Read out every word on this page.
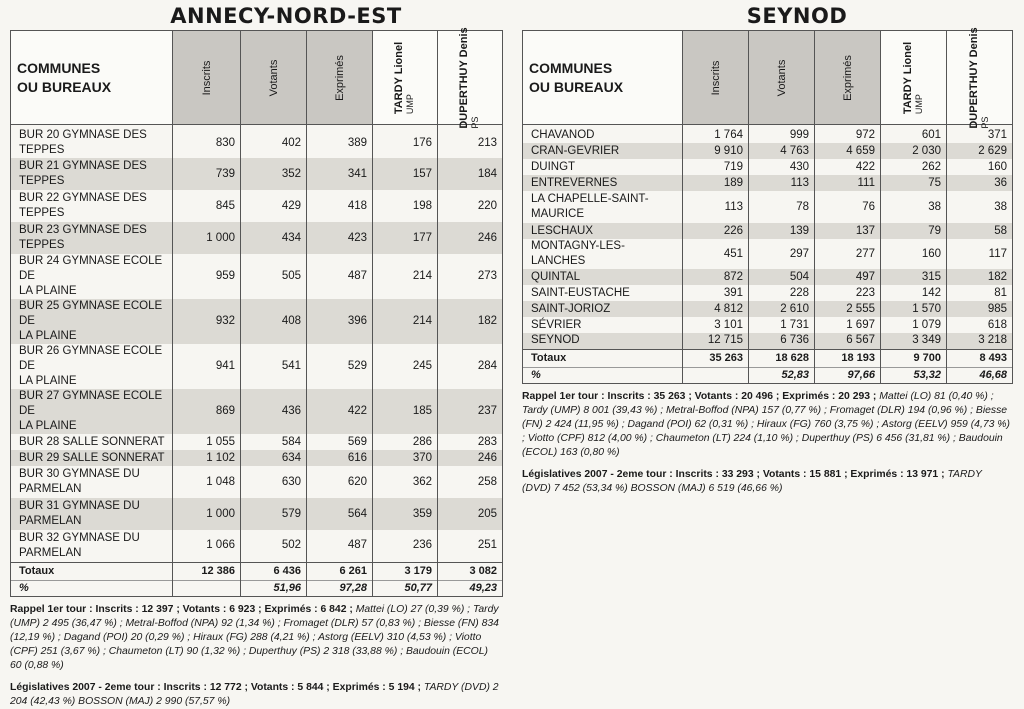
ANNECY-NORD-EST
COMMUNES
OU BUREAUX	Inscrits	Votants	Exprimés	TARDY Lionel UMP	DUPERTHUY Denis PS

BUR 20 GYMNASE DES
TEPPES	830	402	389	176	213
BUR 21 GYMNASE DES
TEPPES	739	352	341	157	184
BUR 22 GYMNASE DES
TEPPES	845	429	418	198	220
BUR 23 GYMNASE DES
TEPPES	1 000	434	423	177	246
BUR 24 GYMNASE ECOLE DE
LA PLAINE	959	505	487	214	273
BUR 25 GYMNASE ECOLE DE
LA PLAINE	932	408	396	214	182
BUR 26 GYMNASE ECOLE DE
LA PLAINE	941	541	529	245	284
BUR 27 GYMNASE ECOLE DE
LA PLAINE	869	436	422	185	237
BUR 28 SALLE SONNERAT	1 055	584	569	286	283
BUR 29 SALLE SONNERAT	1 102	634	616	370	246
BUR 30 GYMNASE DU
PARMELAN	1 048	630	620	362	258
BUR 31 GYMNASE DU
PARMELAN	1 000	579	564	359	205
BUR 32 GYMNASE DU
PARMELAN	1 066	502	487	236	251
Totaux	12 386	6 436	6 261	3 179	3 082
%		51,96	97,28	50,77	49,23
Rappel 1er tour : Inscrits : 12 397 ; Votants : 6 923 ; Exprimés : 6 842 ; Mattei (LO) 27 (0,39 %) ; Tardy (UMP) 2 495 (36,47 %) ; Metral-Boffod (NPA) 92 (1,34 %) ; Fromaget (DLR) 57 (0,83 %) ; Biesse (FN) 834 (12,19 %) ; Dagand (POI) 20 (0,29 %) ; Hiraux (FG) 288 (4,21 %) ; Astorg (EELV) 310 (4,53 %) ; Viotto (CPF) 251 (3,67 %) ; Chaumeton (LT) 90 (1,32 %) ; Duperthuy (PS) 2 318 (33,88 %) ; Baudouin (ECOL) 60 (0,88 %)
Législatives 2007 - 2eme tour : Inscrits : 12 772 ; Votants : 5 844 ; Exprimés : 5 194 ; TARDY (DVD) 2 204 (42,43 %) BOSSON (MAJ) 2 990 (57,57 %)
SEYNOD
COMMUNES
OU BUREAUX	Inscrits	Votants	Exprimés	TARDY Lionel UMP	DUPERTHUY Denis PS

CHAVANOD	1 764	999	972	601	371
CRAN-GEVRIER	9 910	4 763	4 659	2 030	2 629
DUINGT	719	430	422	262	160
ENTREVERNES	189	113	111	75	36
LA CHAPELLE-SAINT-
MAURICE	113	78	76	38	38
LESCHAUX	226	139	137	79	58
MONTAGNY-LES-LANCHES	451	297	277	160	117
QUINTAL	872	504	497	315	182
SAINT-EUSTACHE	391	228	223	142	81
SAINT-JORIOZ	4 812	2 610	2 555	1 570	985
SÉVRIER	3 101	1 731	1 697	1 079	618
SEYNOD	12 715	6 736	6 567	3 349	3 218
Totaux	35 263	18 628	18 193	9 700	8 493
%		52,83	97,66	53,32	46,68
Rappel 1er tour : Inscrits : 35 263 ; Votants : 20 496 ; Exprimés : 20 293 ; Mattei (LO) 81 (0,40 %) ; Tardy (UMP) 8 001 (39,43 %) ; Metral-Boffod (NPA) 157 (0,77 %) ; Fromaget (DLR) 194 (0,96 %) ; Biesse (FN) 2 424 (11,95 %) ; Dagand (POI) 62 (0,31 %) ; Hiraux (FG) 760 (3,75 %) ; Astorg (EELV) 959 (4,73 %) ; Viotto (CPF) 812 (4,00 %) ; Chaumeton (LT) 224 (1,10 %) ; Duperthuy (PS) 6 456 (31,81 %) ; Baudouin (ECOL) 163 (0,80 %)
Législatives 2007 - 2eme tour : Inscrits : 33 293 ; Votants : 15 881 ; Exprimés : 13 971 ; TARDY (DVD) 7 452 (53,34 %) BOSSON (MAJ) 6 519 (46,66 %)
